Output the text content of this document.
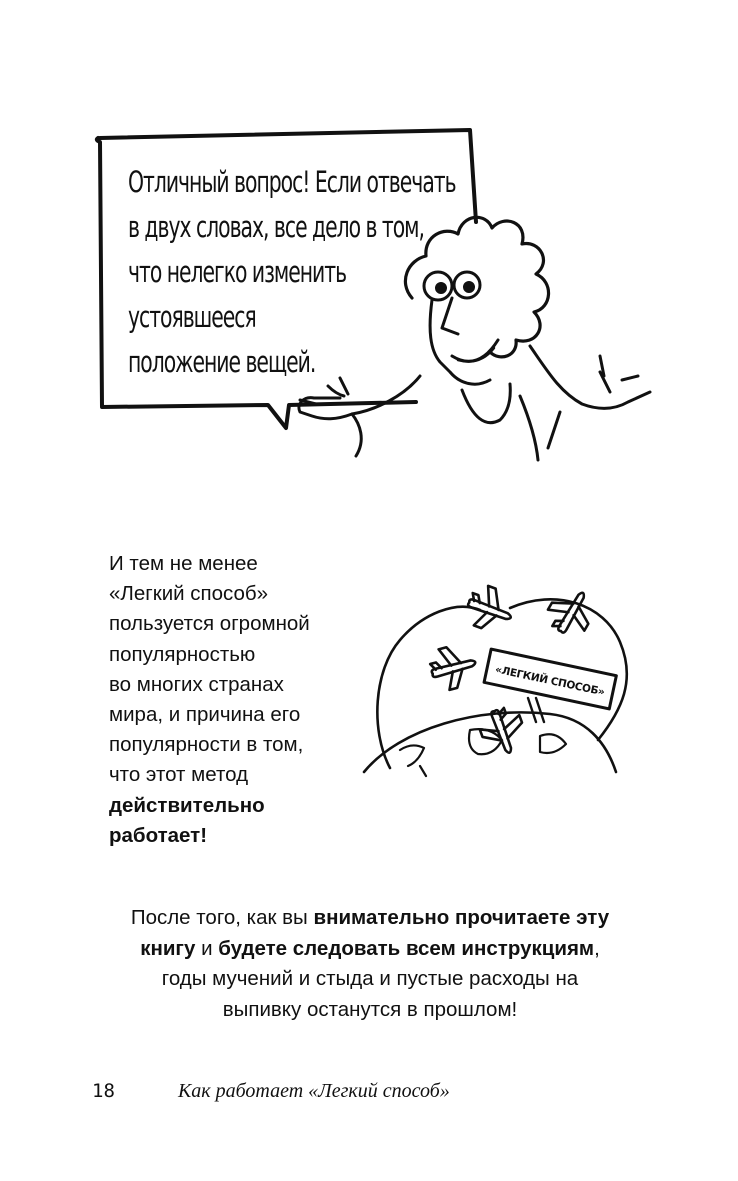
Отличный вопрос! Если отвечать
в двух словах, все дело в том,
что нелегко изменить
устоявшееся
положение вещей.
И тем не менее
«Легкий способ»
пользуется огромной
популярностью
во многих странах
мира, и причина его
популярности в том,
что этот метод
действительно
работает!
«ЛЕГКИЙ СПОСОБ»
После того, как вы внимательно прочитаете эту
книгу и будете следовать всем инструкциям,
годы мучений и стыда и пустые расходы на
выпивку останутся в прошлом!
18	Как работает «Легкий способ»
